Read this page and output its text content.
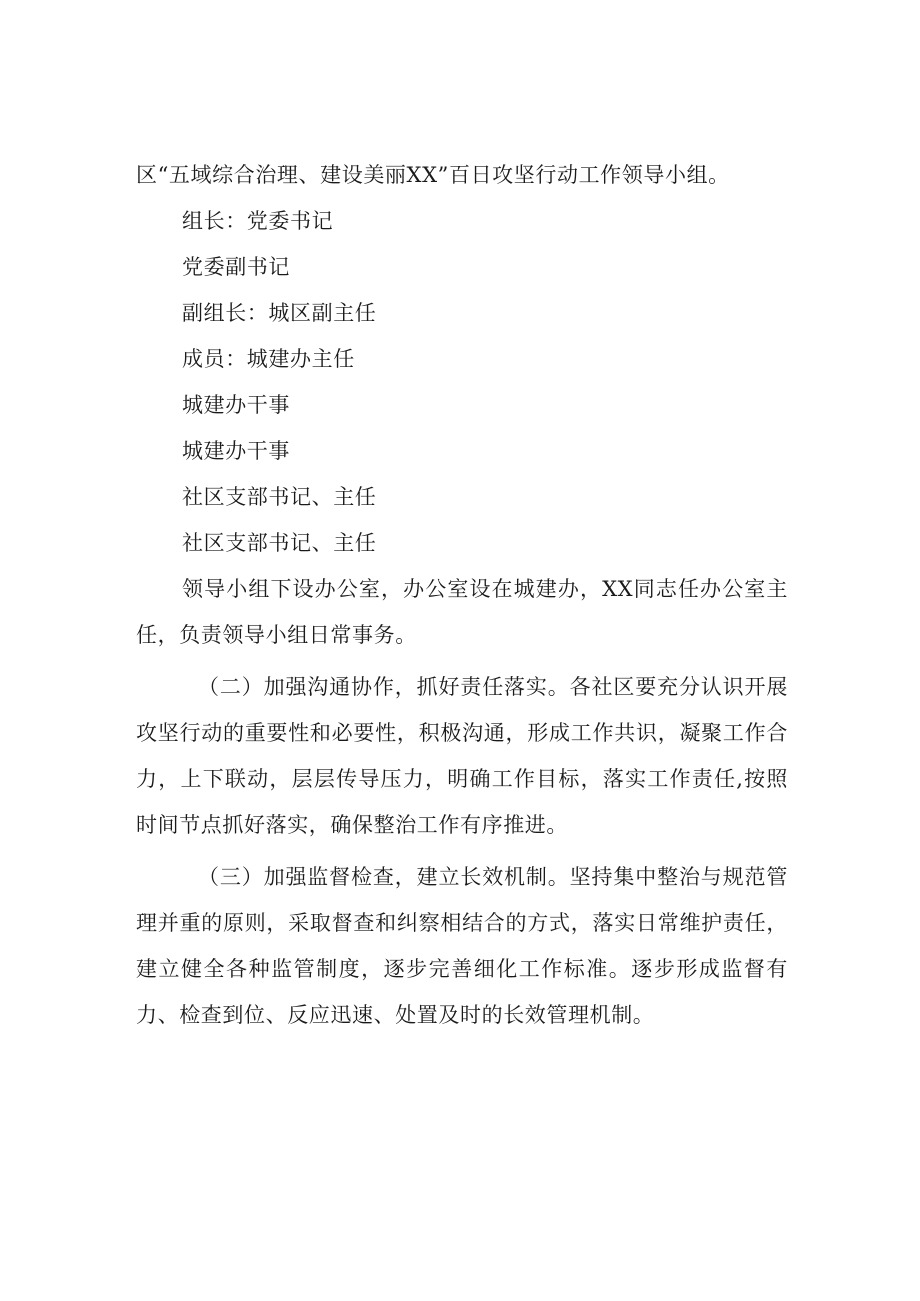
区“五域综合治理、建设美丽XX”百日攻坚行动工作领导小组。

组长：党委书记

党委副书记

副组长：城区副主任

成员：城建办主任

城建办干事

城建办干事

社区支部书记、主任

社区支部书记、主任

领导小组下设办公室，办公室设在城建办，XX同志任办公室主任，负责领导小组日常事务。

（二）加强沟通协作，抓好责任落实。各社区要充分认识开展攻坚行动的重要性和必要性，积极沟通，形成工作共识，凝聚工作合力，上下联动，层层传导压力，明确工作目标，落实工作责任,按照时间节点抓好落实，确保整治工作有序推进。

（三）加强监督检查，建立长效机制。坚持集中整治与规范管理并重的原则，采取督查和纠察相结合的方式，落实日常维护责任，建立健全各种监管制度，逐步完善细化工作标准。逐步形成监督有力、检查到位、反应迅速、处置及时的长效管理机制。
